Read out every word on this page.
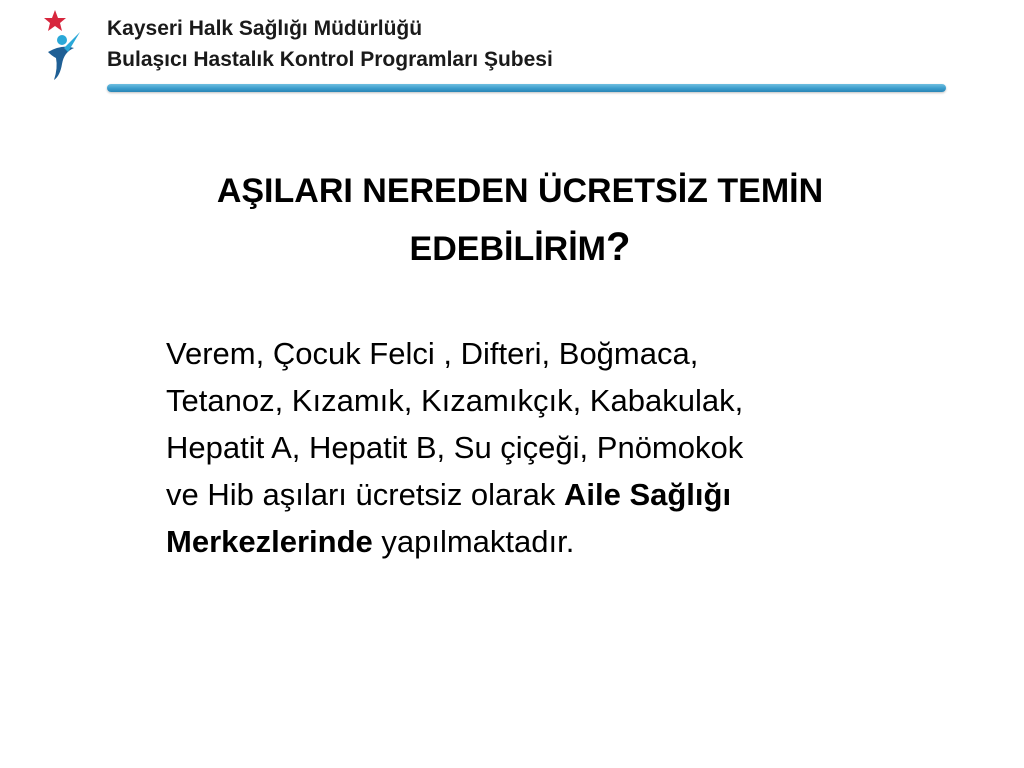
Kayseri Halk Sağlığı Müdürlüğü
Bulaşıcı Hastalık Kontrol Programları Şubesi
AŞILARI NEREDEN ÜCRETSİZ TEMİN
EDEBİLİRİM?
Verem, Çocuk Felci , Difteri, Boğmaca,
Tetanoz, Kızamık, Kızamıkçık, Kabakulak,
Hepatit A, Hepatit B, Su çiçeği, Pnömokok
ve Hib aşıları ücretsiz olarak Aile Sağlığı
Merkezlerinde yapılmaktadır.
